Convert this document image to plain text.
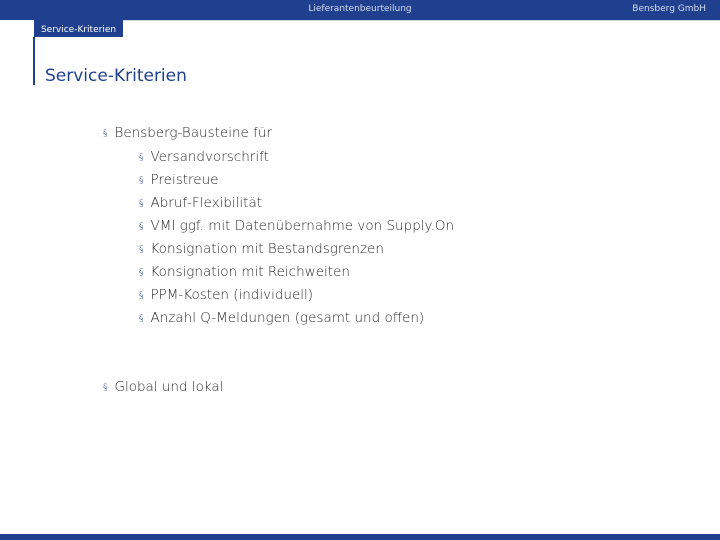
Lieferantenbeurteilung	Bensberg GmbH
Service-Kriterien
Service-Kriterien
§ Bensberg-Bausteine für
§ Versandvorschrift
§ Preistreue
§ Abruf-Flexibilität
§ VMI ggf. mit Datenübernahme von Supply.On
§ Konsignation mit Bestandsgrenzen
§ Konsignation mit Reichweiten
§ PPM-Kosten (individuell)
§ Anzahl Q-Meldungen (gesamt und offen)
§ Global und lokal
